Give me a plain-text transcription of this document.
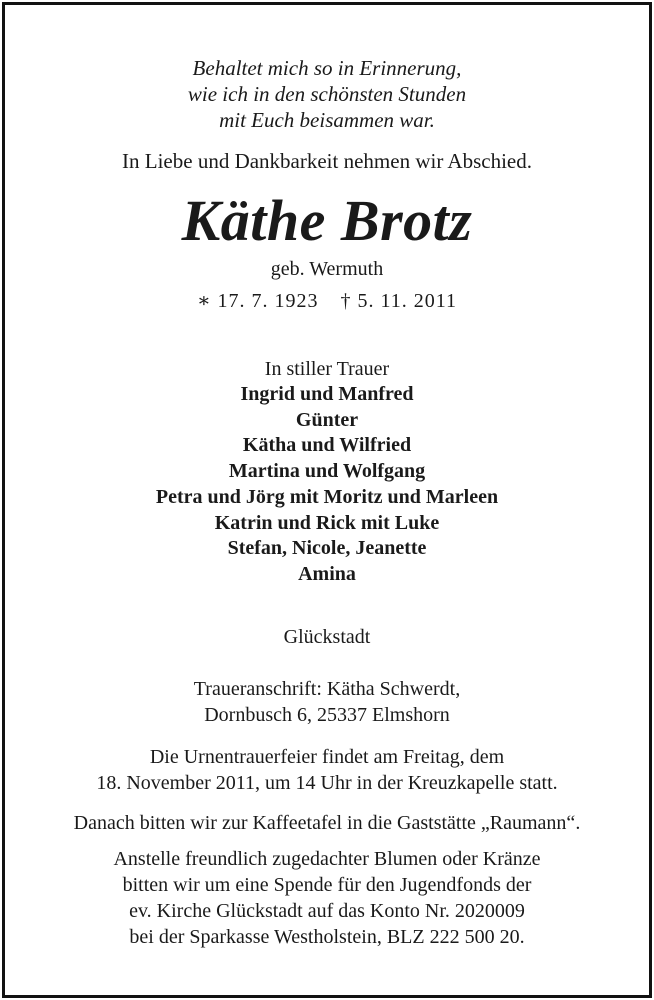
Behaltet mich so in Erinnerung,
wie ich in den schönsten Stunden
mit Euch beisammen war.
In Liebe und Dankbarkeit nehmen wir Abschied.
Käthe Brotz
geb. Wermuth
∗ 17. 7. 1923 † 5. 11. 2011
In stiller Trauer
Ingrid und Manfred
Günter
Kätha und Wilfried
Martina und Wolfgang
Petra und Jörg mit Moritz und Marleen
Katrin und Rick mit Luke
Stefan, Nicole, Jeanette
Amina
Glückstadt
Traueranschrift: Kätha Schwerdt,
Dornbusch 6, 25337 Elmshorn
Die Urnentrauerfeier findet am Freitag, dem
18. November 2011, um 14 Uhr in der Kreuzkapelle statt.
Danach bitten wir zur Kaffeetafel in die Gaststätte „Raumann“.
Anstelle freundlich zugedachter Blumen oder Kränze
bitten wir um eine Spende für den Jugendfonds der
ev. Kirche Glückstadt auf das Konto Nr. 2020009
bei der Sparkasse Westholstein, BLZ 222 500 20.
